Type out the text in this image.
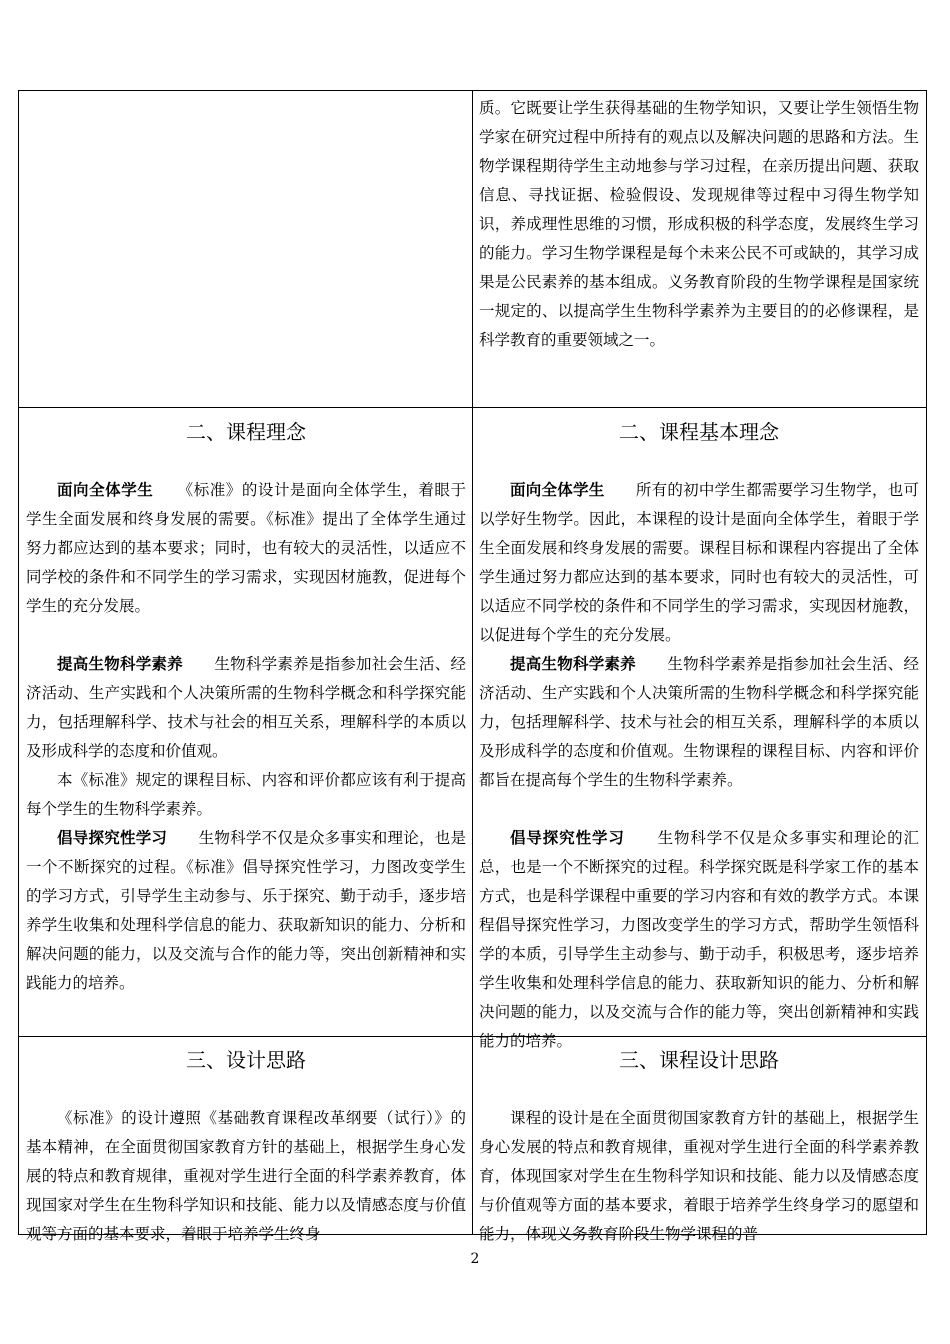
质。它既要让学生获得基础的生物学知识，又要让学生领悟生物学家在研究过程中所持有的观点以及解决问题的思路和方法。生物学课程期待学生主动地参与学习过程，在亲历提出问题、获取信息、寻找证据、检验假设、发现规律等过程中习得生物学知识，养成理性思维的习惯，形成积极的科学态度，发展终生学习的能力。学习生物学课程是每个未来公民不可或缺的，其学习成果是公民素养的基本组成。义务教育阶段的生物学课程是国家统一规定的、以提高学生生物科学素养为主要目的的必修课程，是科学教育的重要领域之一。

二、课程理念

面向全体学生　　 《标准》的设计是面向全体学生，着眼于学生全面发展和终身发展的需要。《标准》提出了全体学生通过努力都应达到的基本要求；同时，也有较大的灵活性，以适应不同学校的条件和不同学生的学习需求，实现因材施教，促进每个学生的充分发展。

提高生物科学素养　　 生物科学素养是指参加社会生活、经济活动、生产实践和个人决策所需的生物科学概念和科学探究能力，包括理解科学、技术与社会的相互关系，理解科学的本质以及形成科学的态度和价值观。

本《标准》规定的课程目标、内容和评价都应该有利于提高每个学生的生物科学素养。

倡导探究性学习　　 生物科学不仅是众多事实和理论，也是一个不断探究的过程。《标准》倡导探究性学习，力图改变学生的学习方式，引导学生主动参与、乐于探究、勤于动手，逐步培养学生收集和处理科学信息的能力、获取新知识的能力、分析和解决问题的能力，以及交流与合作的能力等，突出创新精神和实践能力的培养。

二、课程基本理念

面向全体学生　　 所有的初中学生都需要学习生物学，也可以学好生物学。因此，本课程的设计是面向全体学生，着眼于学生全面发展和终身发展的需要。课程目标和课程内容提出了全体学生通过努力都应达到的基本要求，同时也有较大的灵活性，可以适应不同学校的条件和不同学生的学习需求，实现因材施教，以促进每个学生的充分发展。

提高生物科学素养　　 生物科学素养是指参加社会生活、经济活动、生产实践和个人决策所需的生物科学概念和科学探究能力，包括理解科学、技术与社会的相互关系，理解科学的本质以及形成科学的态度和价值观。生物课程的课程目标、内容和评价都旨在提高每个学生的生物科学素养。

倡导探究性学习　　 生物科学不仅是众多事实和理论的汇总，也是一个不断探究的过程。科学探究既是科学家工作的基本方式，也是科学课程中重要的学习内容和有效的教学方式。本课程倡导探究性学习，力图改变学生的学习方式，帮助学生领悟科学的本质，引导学生主动参与、勤于动手，积极思考，逐步培养学生收集和处理科学信息的能力、获取新知识的能力、分析和解决问题的能力，以及交流与合作的能力等，突出创新精神和实践能力的培养。

三、设计思路

《标准》的设计遵照《基础教育课程改革纲要（试行）》的基本精神，在全面贯彻国家教育方针的基础上，根据学生身心发展的特点和教育规律，重视对学生进行全面的科学素养教育，体现国家对学生在生物科学知识和技能、能力以及情感态度与价值观等方面的基本要求，着眼于培养学生终身

三、课程设计思路

课程的设计是在全面贯彻国家教育方针的基础上，根据学生身心发展的特点和教育规律，重视对学生进行全面的科学素养教育，体现国家对学生在生物科学知识和技能、能力以及情感态度与价值观等方面的基本要求，着眼于培养学生终身学习的愿望和能力，体现义务教育阶段生物学课程的普

2
